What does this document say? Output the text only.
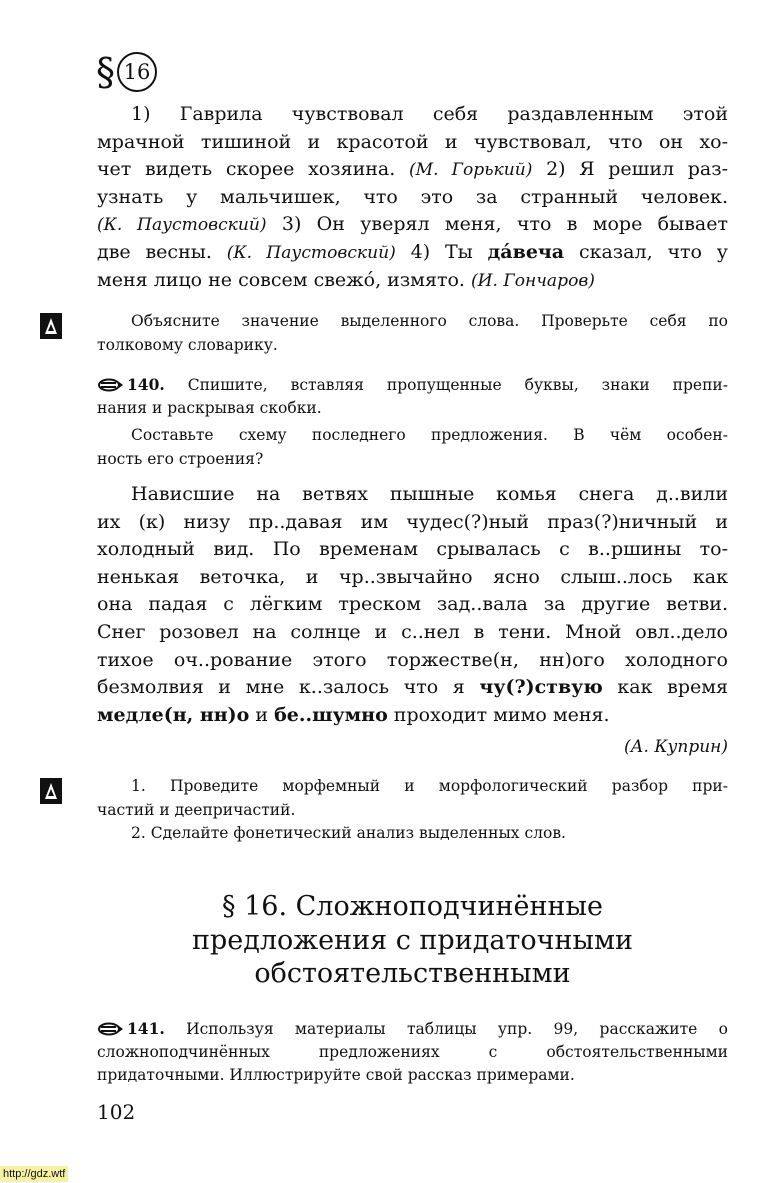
§ 16
1) Гаврила чувствовал себя раздавленным этой
мрачной тишиной и красотой и чувствовал, что он хо-
чет видеть скорее хозяина. (М. Горький) 2) Я решил раз-
узнать у мальчишек, что это за странный человек.
(К. Паустовский) 3) Он уверял меня, что в море бывает
две весны. (К. Паустовский) 4) Ты да́веча сказал, что у
меня лицо не совсем свежо́, измято. (И. Гончаров)
Объясните значение выделенного слова. Проверьте себя по
толковому словарику.
140. Спишите, вставляя пропущенные буквы, знаки препи-
нания и раскрывая скобки.
Составьте схему последнего предложения. В чём особен-
ность его строения?
Нависшие на ветвях пышные комья снега д..вили
их (к) низу пр..давая им чудес(?)ный праз(?)ничный и
холодный вид. По временам срывалась с в..ршины то-
ненькая веточка, и чр..звычайно ясно слыш..лось как
она падая с лёгким треском зад..вала за другие ветви.
Снег розовел на солнце и с..нел в тени. Мной овл..дело
тихое оч..рование этого торжестве(н, нн)ого холодного
безмолвия и мне к..залось что я чу(?)ствую как время
медле(н, нн)о и бе..шумно проходит мимо меня.
(А. Куприн)
1. Проведите морфемный и морфологический разбор при-
частий и деепричастий.
2. Сделайте фонетический анализ выделенных слов.
§ 16. Сложноподчинённые
предложения с придаточными
обстоятельственными
141. Используя материалы таблицы упр. 99, расскажите о
сложноподчинённых предложениях с обстоятельственными
придаточными. Иллюстрируйте свой рассказ примерами.
102
http://gdz.wtf
